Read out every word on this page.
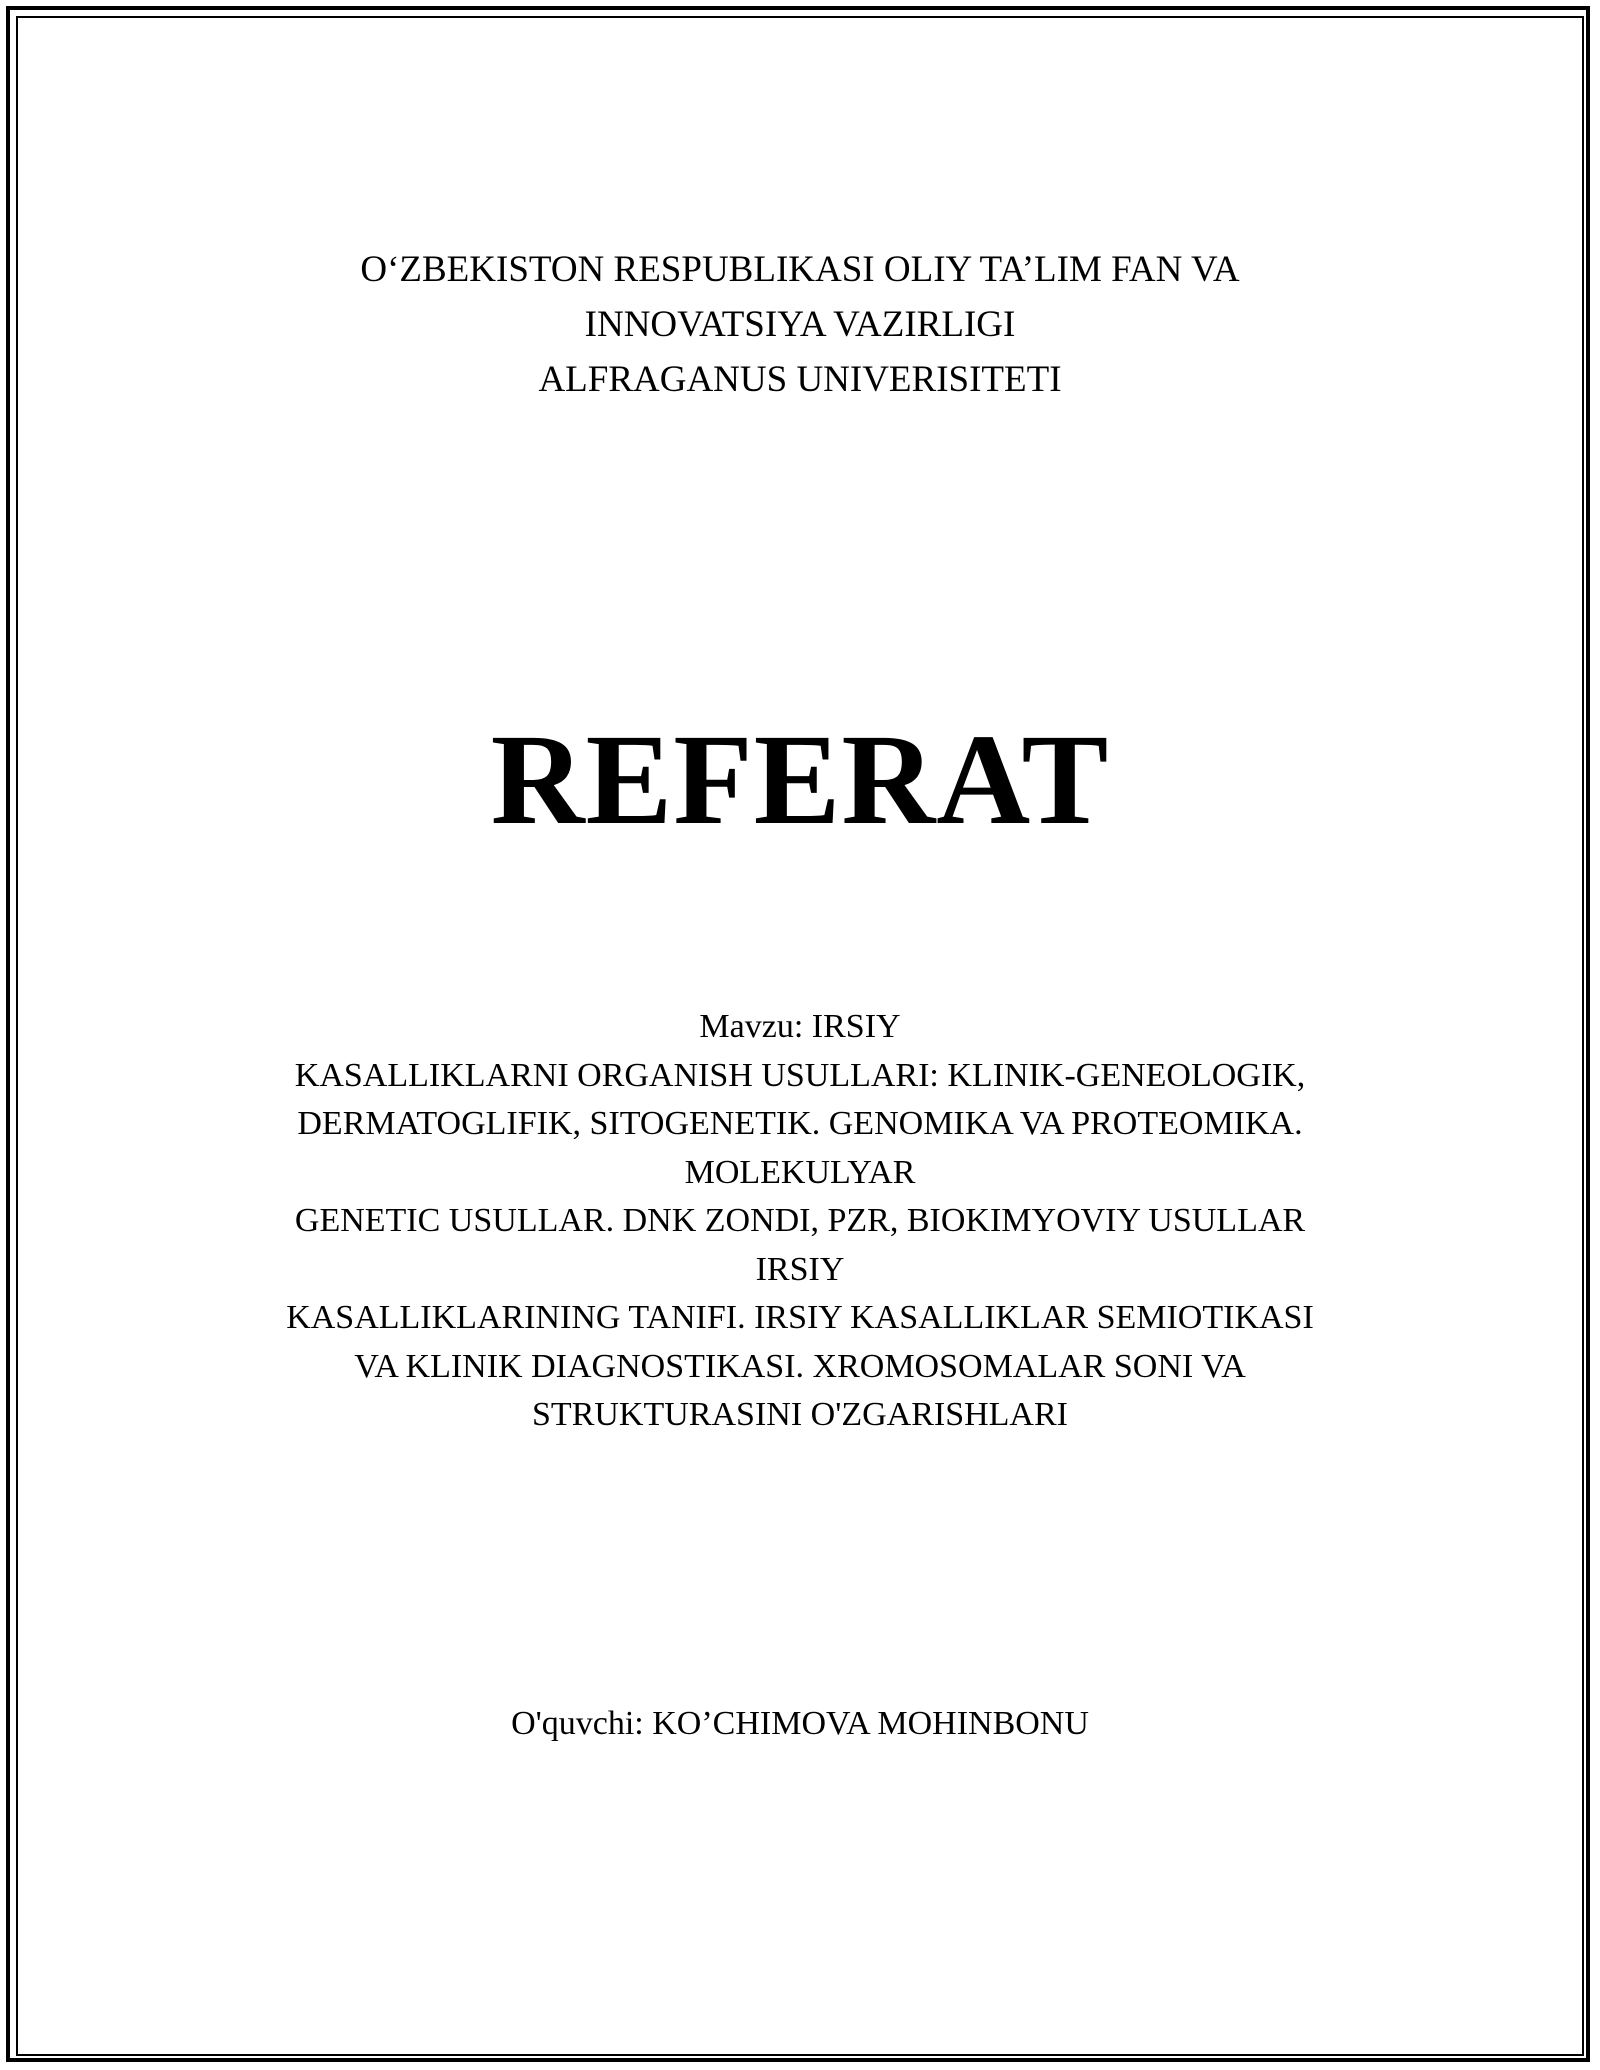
O‘ZBEKISTON RESPUBLIKASI OLIY TA’LIM FAN VA
INNOVATSIYA VAZIRLIGI
ALFRAGANUS UNIVERISITETI
REFERAT
Mavzu: IRSIY
KASALLIKLARNI ORGANISH USULLARI: KLINIK-GENEOLOGIK,
DERMATOGLIFIK, SITOGENETIK. GENOMIKA VA PROTEOMIKA.
MOLEKULYAR
GENETIC USULLAR. DNK ZONDI, PZR, BIOKIMYOVIY USULLAR
IRSIY
KASALLIKLARINING TANIFI. IRSIY KASALLIKLAR SEMIOTIKASI
VA KLINIK DIAGNOSTIKASI. XROMOSOMALAR SONI VA
STRUKTURASINI O'ZGARISHLARI
O'quvchi: KO’CHIMOVA MOHINBONU
